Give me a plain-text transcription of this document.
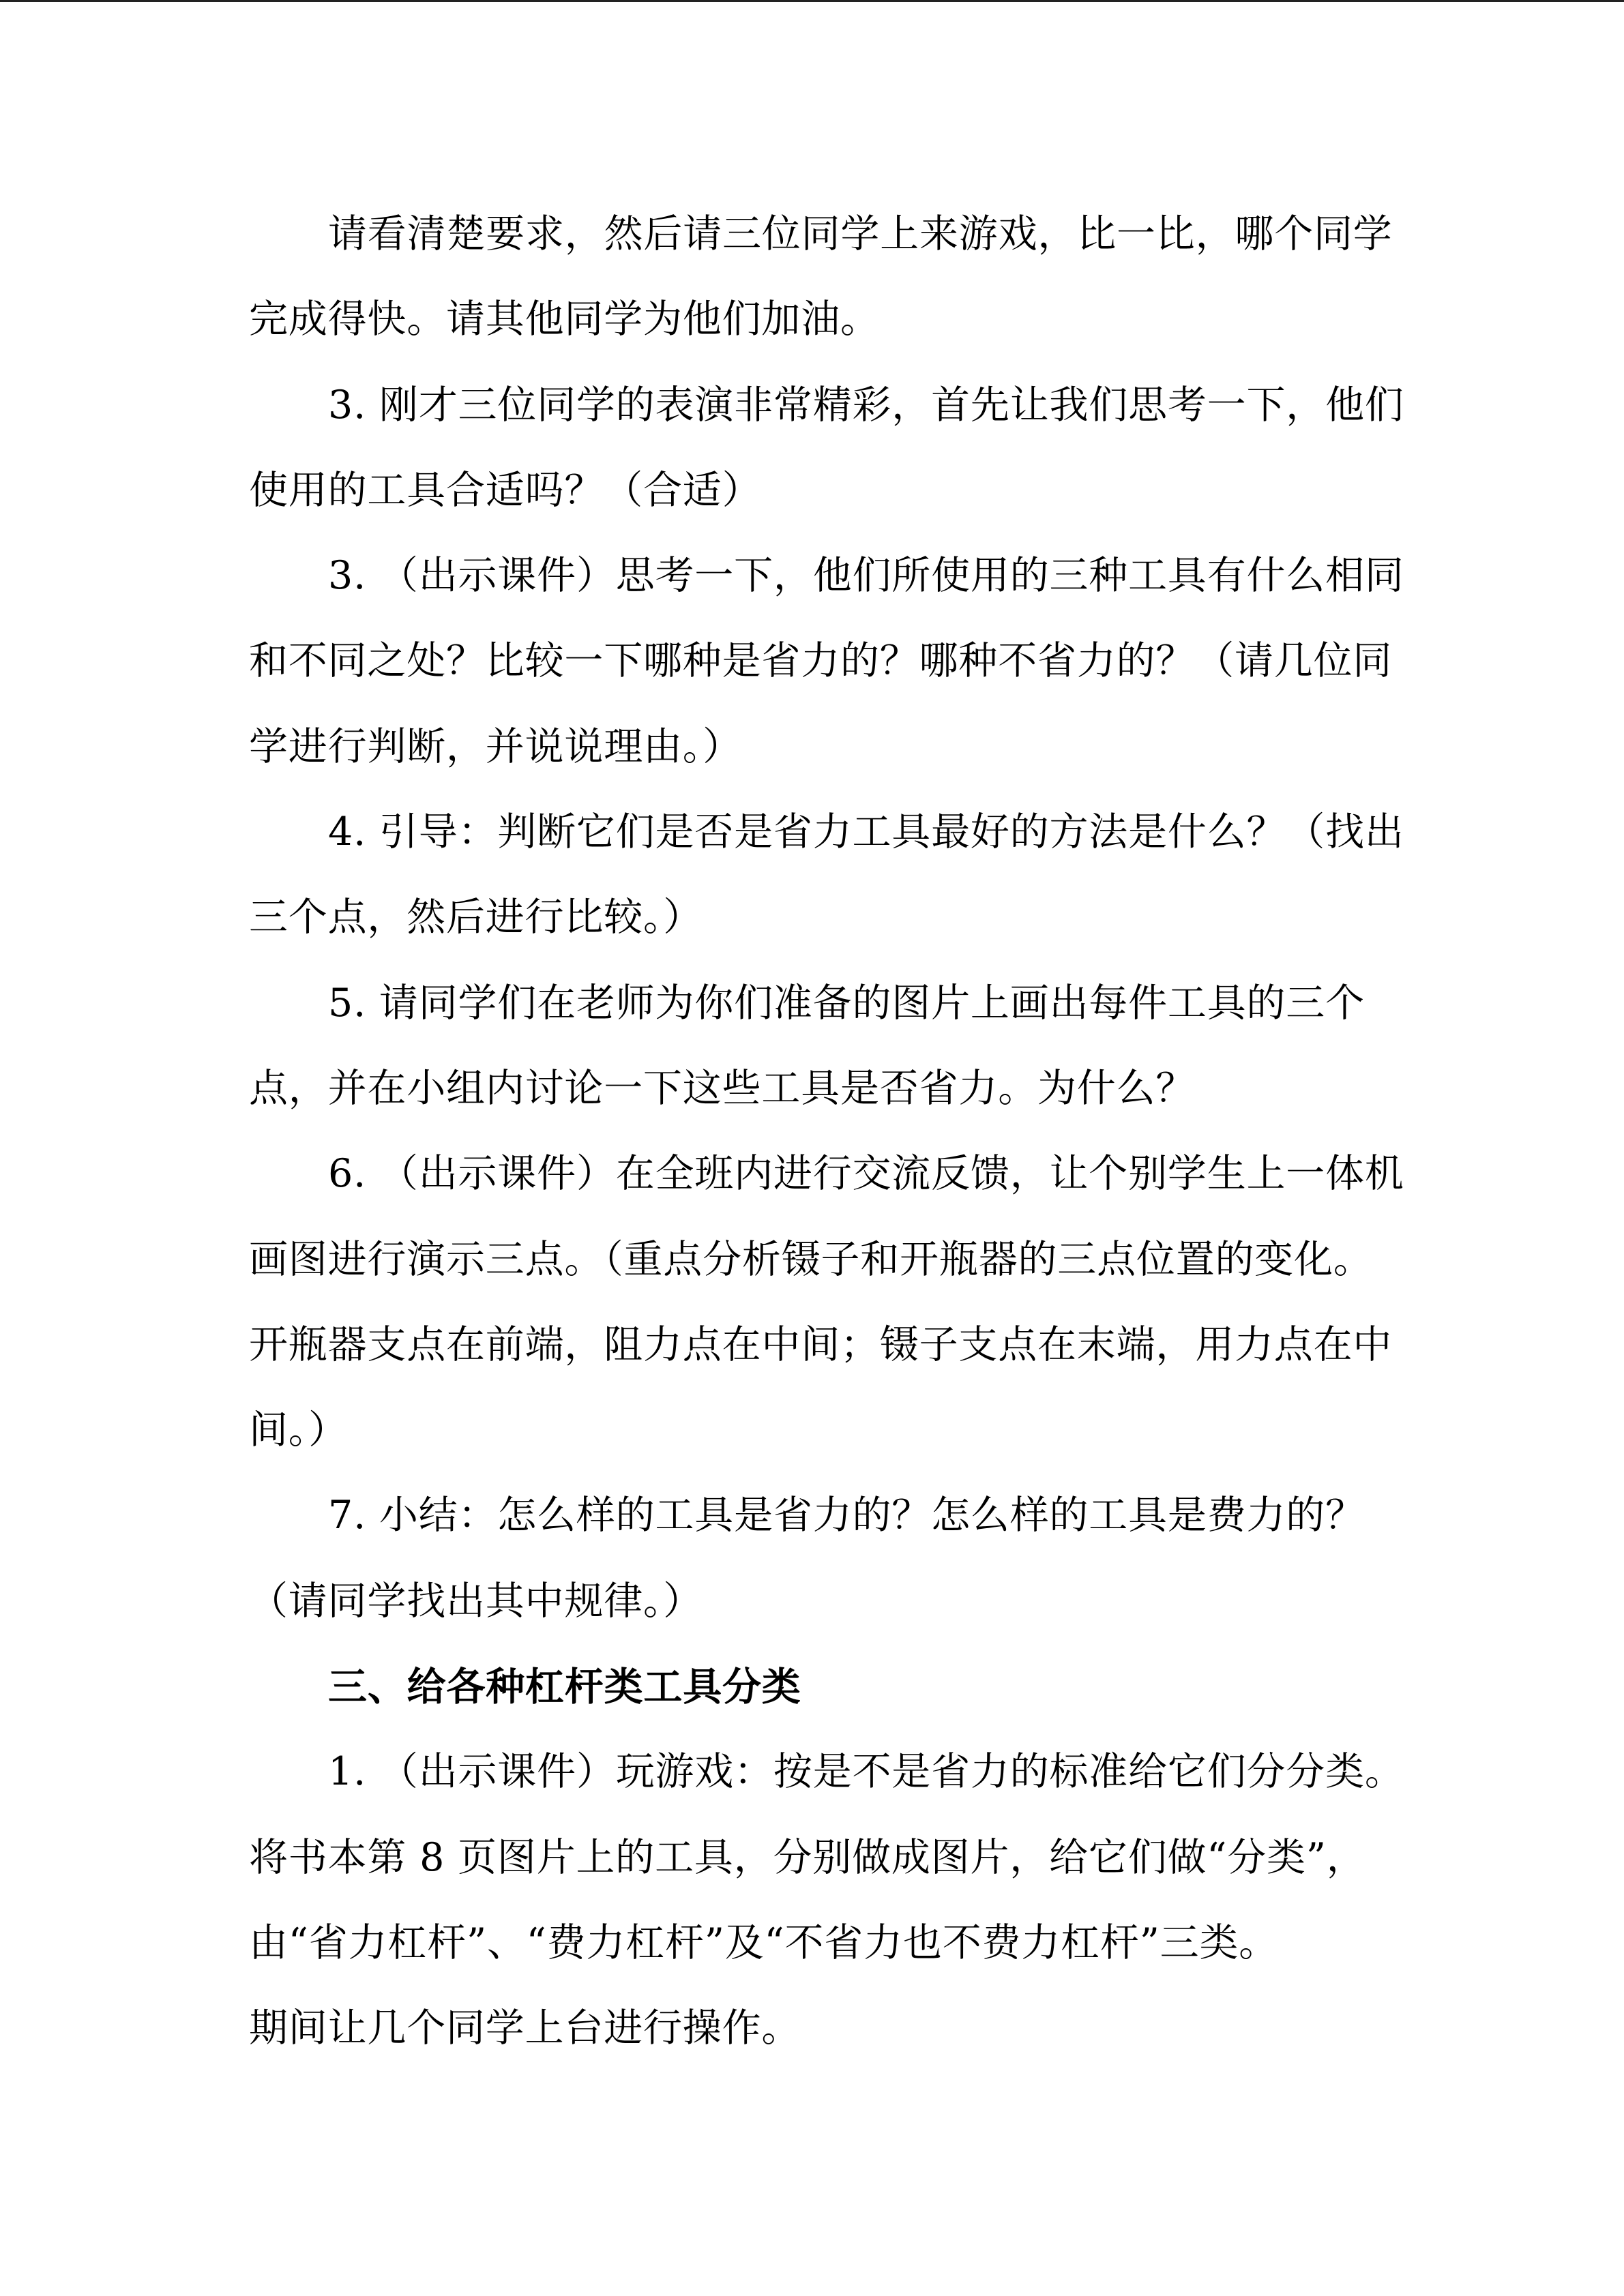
请看清楚要求，然后请三位同学上来游戏，比一比，哪个同学
完成得快。请其他同学为他们加油。
3. 刚才三位同学的表演非常精彩，首先让我们思考一下，他们
使用的工具合适吗？（合适）
3. （出示课件）思考一下，他们所使用的三种工具有什么相同
和不同之处？比较一下哪种是省力的？哪种不省力的？（请几位同
学进行判断，并说说理由。）
4. 引导：判断它们是否是省力工具最好的方法是什么？（找出
三个点，然后进行比较。）
5. 请同学们在老师为你们准备的图片上画出每件工具的三个
点，并在小组内讨论一下这些工具是否省力。为什么？
6. （出示课件）在全班内进行交流反馈，让个别学生上一体机
画图进行演示三点。（重点分析镊子和开瓶器的三点位置的变化。
开瓶器支点在前端，阻力点在中间；镊子支点在末端，用力点在中
间。）
7. 小结：怎么样的工具是省力的？怎么样的工具是费力的？
（请同学找出其中规律。）
三、给各种杠杆类工具分类
1. （出示课件）玩游戏：按是不是省力的标准给它们分分类。
将书本第 8 页图片上的工具，分别做成图片，给它们做“分类”，
由“省力杠杆”、“费力杠杆”及“不省力也不费力杠杆”三类。
期间让几个同学上台进行操作。
